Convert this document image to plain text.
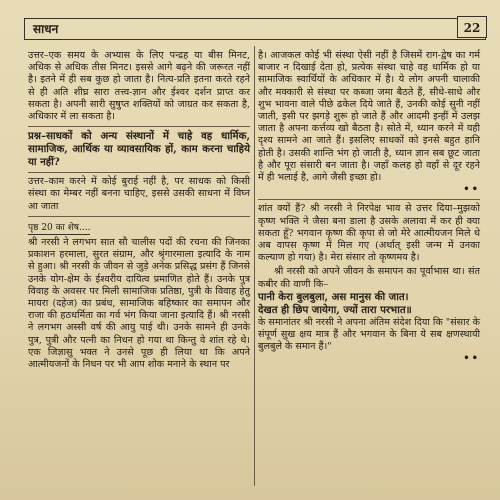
साधन	22

उत्तर–एक समय के अभ्यास के लिए पन्द्रह या बीस मिनट, अधिक से अधिक तीस मिनट। इससे आगे बढ़ने की जरूरत नहीं है। इतने में ही सब कुछ हो जाता है। नित्य-प्रति इतना करते रहने से ही अति शीघ्र सारा तत्त्व-ज्ञान और ईश्वर दर्शन प्राप्त कर सकता है। अपनी सारी सुषुप्त शक्तियों को जाग्रत कर सकता है, अधिकार में ला सकता है।

प्रश्न–साधकों को अन्य संस्थानों में चाहे वह धार्मिक, सामाजिक, आर्थिक या व्यावसायिक हों, काम करना चाहिये या नहीं?

उत्तर–काम करने में कोई बुराई नहीं है, पर साधक को किसी संस्था का मेम्बर नहीं बनना चाहिए, इससे उसकी साधना में विघ्न आ जाता

पृष्ठ 20 का शेष....

श्री नरसी ने लगभग सात सौ चालीस पदों की रचना की जिनका प्रकाशन हरमाला, सुरत संग्राम, और श्रृंगारमाला इत्यादि के नाम से हुआ। श्री नरसी के जीवन से जुड़े अनेक प्रसिद्ध प्रसंग हैं जिनसे उनके योग-क्षेम के ईश्वरीय दायित्व प्रमाणित होते हैं। उनके पुत्र विवाह के अवसर पर मिली सामाजिक प्रतिष्ठा, पुत्री के विवाह हेतु मायरा (दहेज) का प्रबंध, सामाजिक बहिष्कार का समापन और राजा की हठधर्मिता का गर्व भंग किया जाना इत्यादि हैं। श्री नरसी ने लगभग अस्सी वर्ष की आयु पाई थी। उनके सामने ही उनके पुत्र, पुत्री और पत्नी का निधन हो गया था किन्तु वे शांत रहे थे। एक जिज्ञासु भक्त ने उनसे पूछ ही लिया था कि अपने आत्मीयजनों के निधन पर भी आप शोक मनाने के स्थान पर

है। आजकल कोई भी संस्था ऐसी नहीं है जिसमें राग-द्वेष का गर्म बाजार न दिखाई देता हो, प्रत्येक संस्था चाहे वह धार्मिक हो या सामाजिक स्वार्थियों के अधिकार में है। ये लोग अपनी चालाकी और मक्कारी से संस्था पर कब्जा जमा बैठते हैं, सीधे-साधे और शुभ भावना वाले पीछे ढकेल दिये जाते हैं, उनकी कोई सुनी नहीं जाती, इसी पर झगड़े शुरू हो जाते हैं और आदमी इन्हीं में उलझ जाता है अपना कर्त्तव्य खो बैठता है। सोते में, ध्यान करने में यही दृश्य सामने आ जाते हैं। इसलिए साधकों को इनसे बहुत हानि होती है। उसकी शान्ति भंग हो जाती है, ध्यान ज्ञान सब छूट जाता है और पूरा संसारी बन जाता है। जहाँ कलह हो वहाँ से दूर रहने में ही भलाई है, आगे जैसी इच्छा हो।

••

शांत क्यों हैं? श्री नरसी ने निरपेक्ष भाव से उत्तर दिया–मुझको कृष्ण भक्ति ने जैसा बना डाला है उसके अलावा में कर ही क्या सकता हूँ? भगवान कृष्ण की कृपा से जो मेरे आत्मीयजन मिले थे अब वापस कृष्ण में मिल गए (अर्थात् इसी जन्म में उनका कल्याण हो गया) है। मेरा संसार तो कृष्णमय है।

श्री नरसी को अपने जीवन के समापन का पूर्वाभास था। संत कबीर की वाणी कि–

पानी केरा बुलबुला, अस मानुस की जात।

देखत ही छिप जायेगा, ज्यों तारा परभात॥

के समानांतर श्री नरसी ने अपना अंतिम संदेश दिया कि "संसार के संपूर्ण सुख क्षय मात्र हैं और भगवान के बिना ये सब क्षणस्थायी बुलबुले के समान हैं।"

••
